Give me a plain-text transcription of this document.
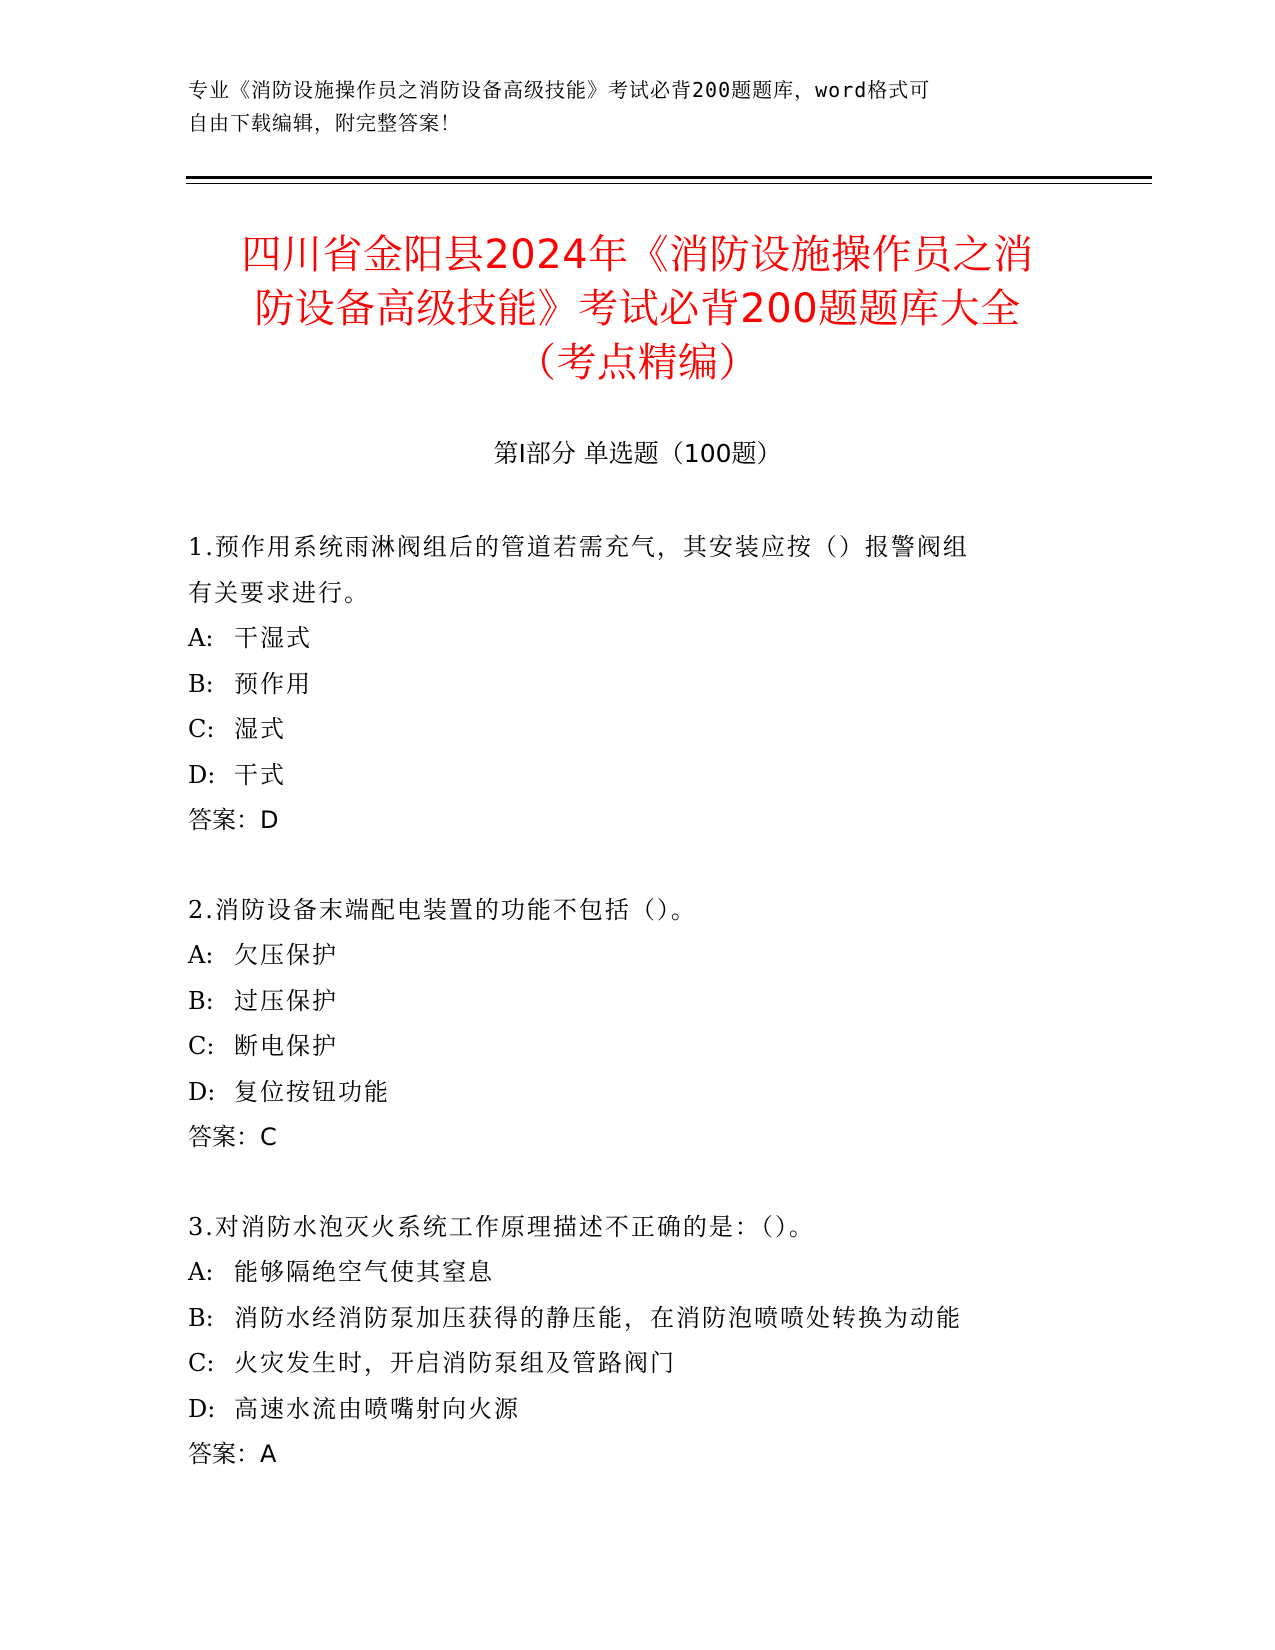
专业《消防设施操作员之消防设备高级技能》考试必背200题题库，word格式可
自由下载编辑，附完整答案！
四川省金阳县2024年《消防设施操作员之消
防设备高级技能》考试必背200题题库大全
（考点精编）
第Ⅰ部分 单选题（100题）
1.预作用系统雨淋阀组后的管道若需充气，其安装应按（）报警阀组
有关要求进行。
A: 干湿式
B: 预作用
C: 湿式
D: 干式
答案：D
2.消防设备末端配电装置的功能不包括（）。
A: 欠压保护
B: 过压保护
C: 断电保护
D: 复位按钮功能
答案：C
3.对消防水泡灭火系统工作原理描述不正确的是：（）。
A: 能够隔绝空气使其窒息
B: 消防水经消防泵加压获得的静压能，在消防泡喷喷处转换为动能
C: 火灾发生时，开启消防泵组及管路阀门
D: 高速水流由喷嘴射向火源
答案：A
